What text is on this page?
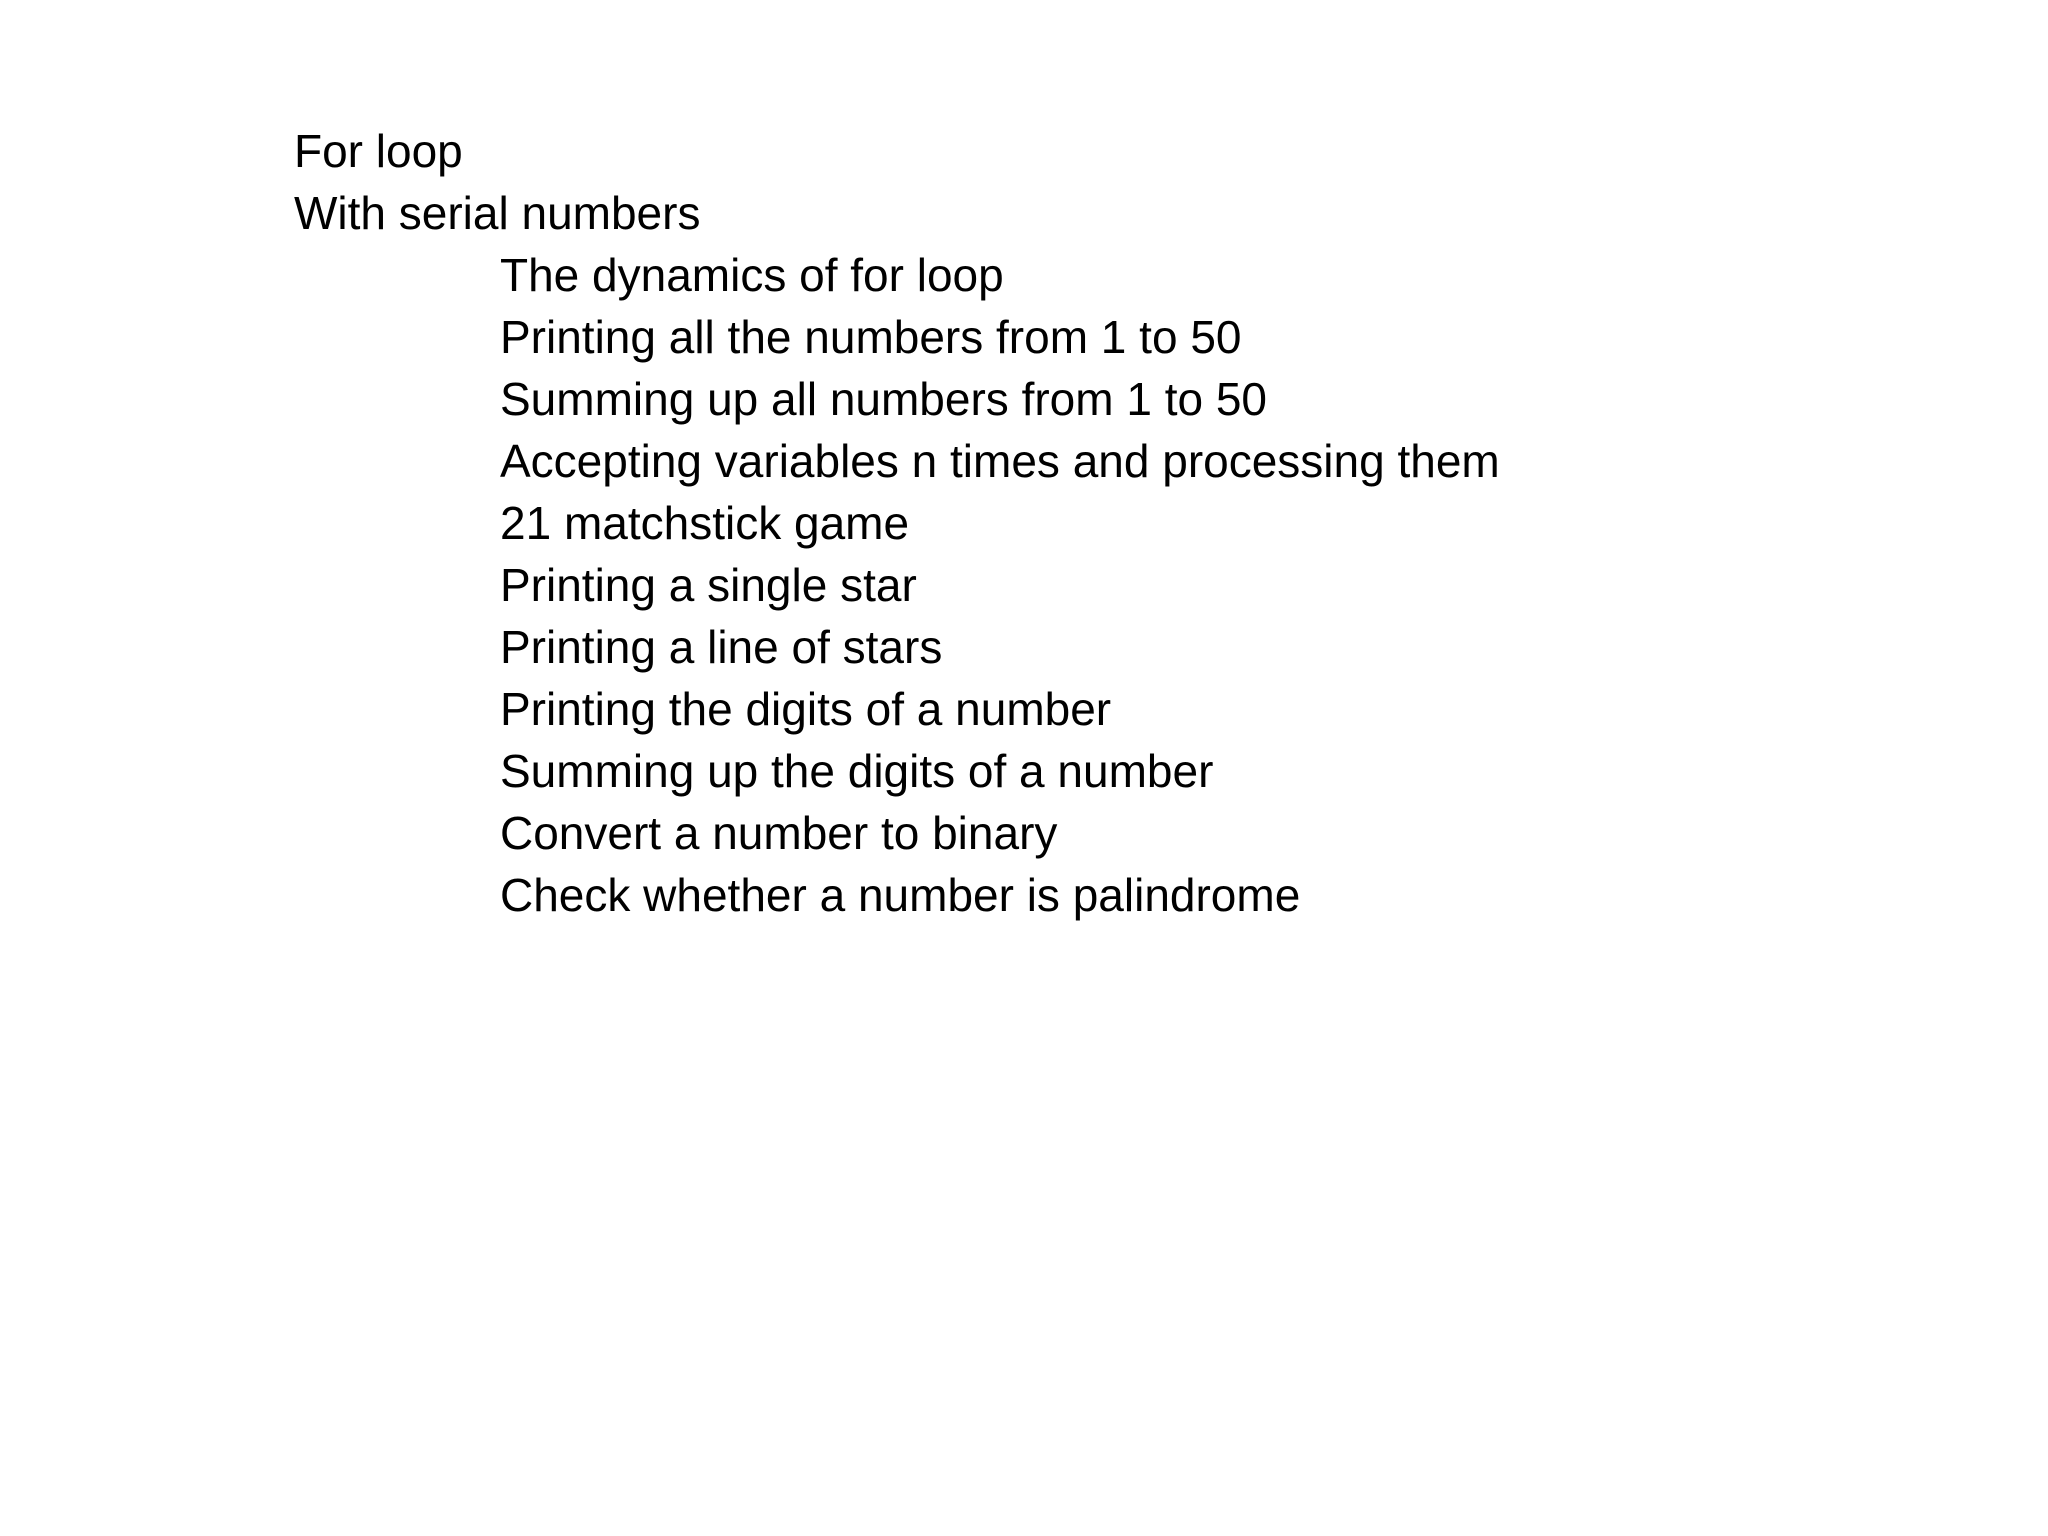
For loop

With serial numbers

The dynamics of for loop

Printing all the numbers from 1 to 50

Summing up all numbers from 1 to 50

Accepting variables n times and processing them

21 matchstick game

Printing a single star

Printing a line of stars

Printing the digits of a number

Summing up the digits of a number

Convert a number to binary

Check whether a number is palindrome
